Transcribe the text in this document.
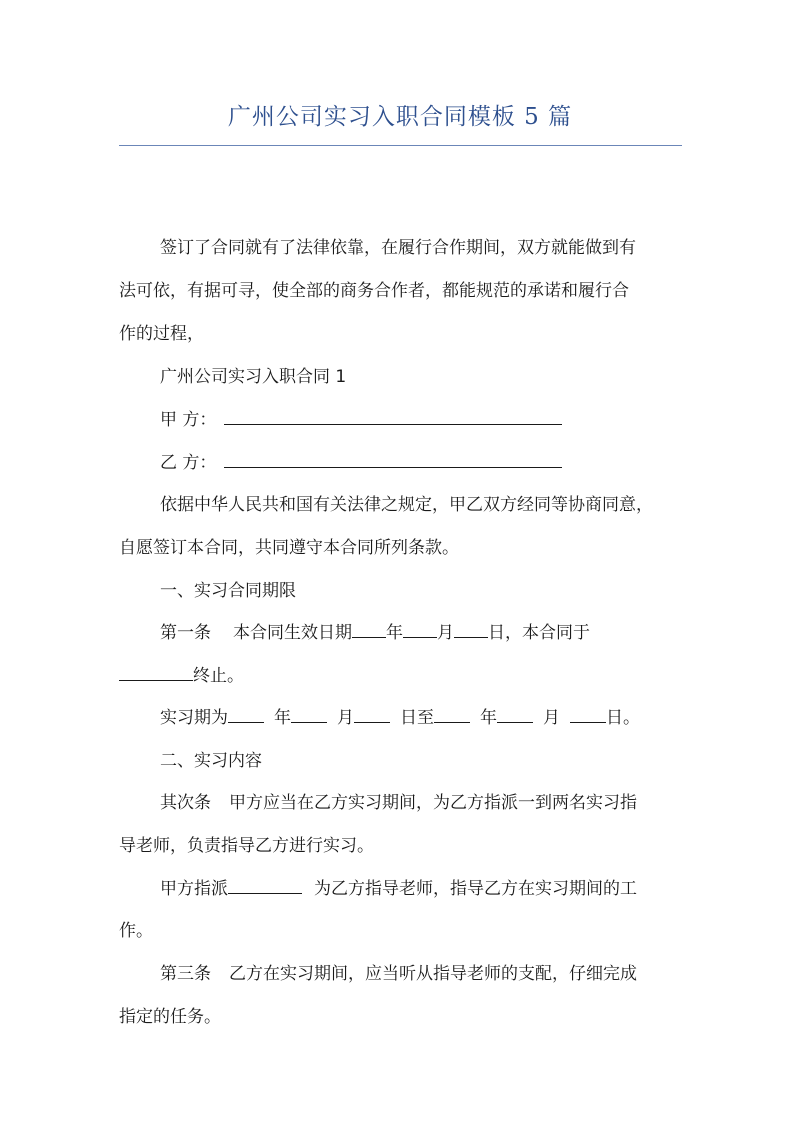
广州公司实习入职合同模板 5 篇
签订了合同就有了法律依靠，在履行合作期间，双方就能做到有
法可依，有据可寻，使全部的商务合作者，都能规范的承诺和履行合
作的过程，
广州公司实习入职合同 1
甲 方：
乙 方：
依据中华人民共和国有关法律之规定，甲乙双方经同等协商同意，
自愿签订本合同，共同遵守本合同所列条款。
一、实习合同期限
第一条 本合同生效日期 年 月 日，本合同于
终止。
实习期为	年	月	日至	年	月	日。
二、实习内容
其次条 甲方应当在乙方实习期间，为乙方指派一到两名实习指
导老师，负责指导乙方进行实习。
甲方指派	为乙方指导老师，指导乙方在实习期间的工
作。
第三条 乙方在实习期间，应当听从指导老师的支配，仔细完成
指定的任务。
